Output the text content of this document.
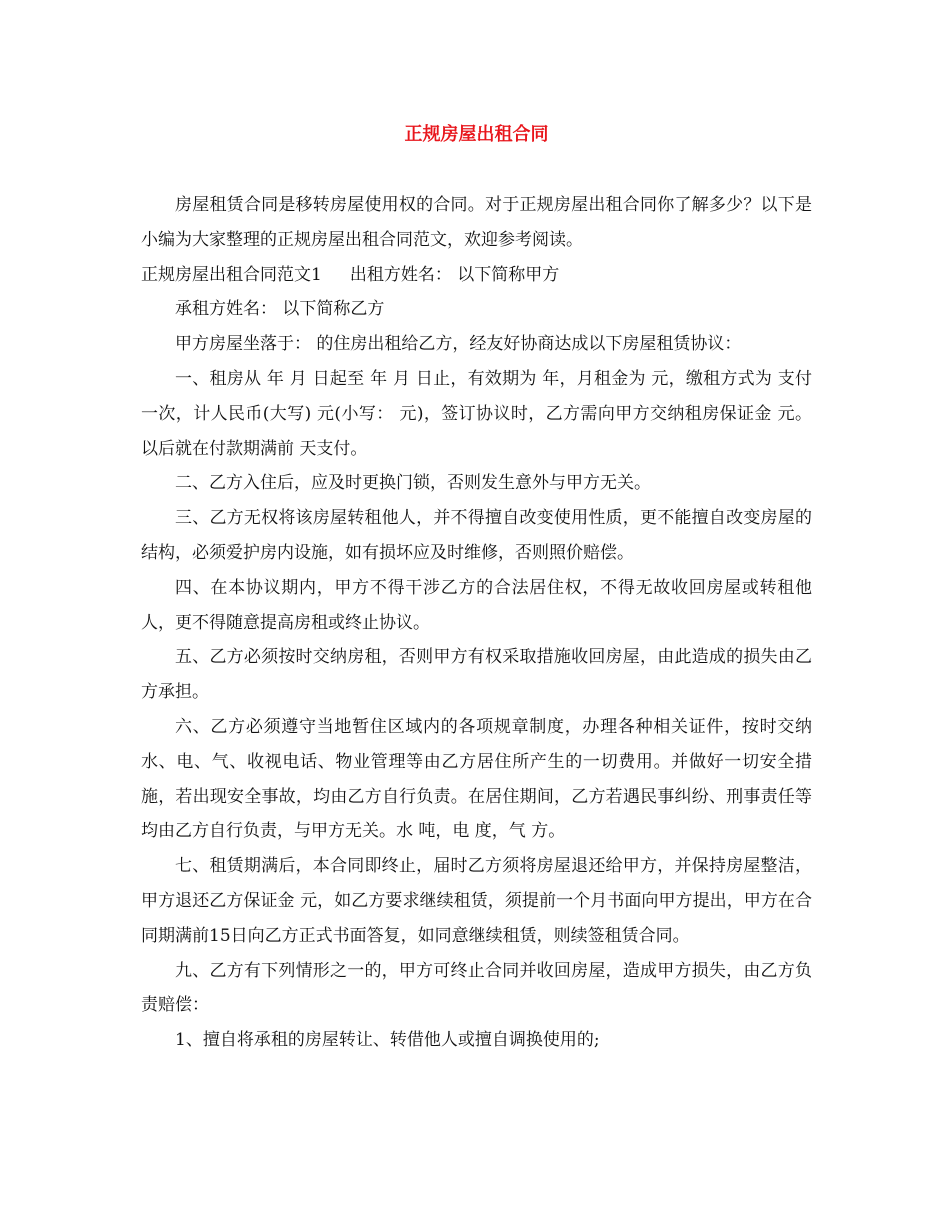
正规房屋出租合同

房屋租赁合同是移转房屋使用权的合同。对于正规房屋出租合同你了解多少？以下是小编为大家整理的正规房屋出租合同范文，欢迎参考阅读。

正规房屋出租合同范文1 出租方姓名： 以下简称甲方

承租方姓名： 以下简称乙方

甲方房屋坐落于： 的住房出租给乙方，经友好协商达成以下房屋租赁协议：

一、租房从 年 月 日起至 年 月 日止，有效期为 年，月租金为 元，缴租方式为 支付一次，计人民币(大写) 元(小写： 元)，签订协议时，乙方需向甲方交纳租房保证金 元。以后就在付款期满前 天支付。

二、乙方入住后，应及时更换门锁，否则发生意外与甲方无关。

三、乙方无权将该房屋转租他人，并不得擅自改变使用性质，更不能擅自改变房屋的结构，必须爱护房内设施，如有损坏应及时维修，否则照价赔偿。

四、在本协议期内，甲方不得干涉乙方的合法居住权，不得无故收回房屋或转租他人，更不得随意提高房租或终止协议。

五、乙方必须按时交纳房租，否则甲方有权采取措施收回房屋，由此造成的损失由乙方承担。

六、乙方必须遵守当地暂住区域内的各项规章制度，办理各种相关证件，按时交纳水、电、气、收视电话、物业管理等由乙方居住所产生的一切费用。并做好一切安全措施，若出现安全事故，均由乙方自行负责。在居住期间，乙方若遇民事纠纷、刑事责任等均由乙方自行负责，与甲方无关。水 吨，电 度，气 方。

七、租赁期满后，本合同即终止，届时乙方须将房屋退还给甲方，并保持房屋整洁，甲方退还乙方保证金 元，如乙方要求继续租赁，须提前一个月书面向甲方提出，甲方在合同期满前15日向乙方正式书面答复，如同意继续租赁，则续签租赁合同。

九、乙方有下列情形之一的，甲方可终止合同并收回房屋，造成甲方损失，由乙方负责赔偿：

1、擅自将承租的房屋转让、转借他人或擅自调换使用的;
